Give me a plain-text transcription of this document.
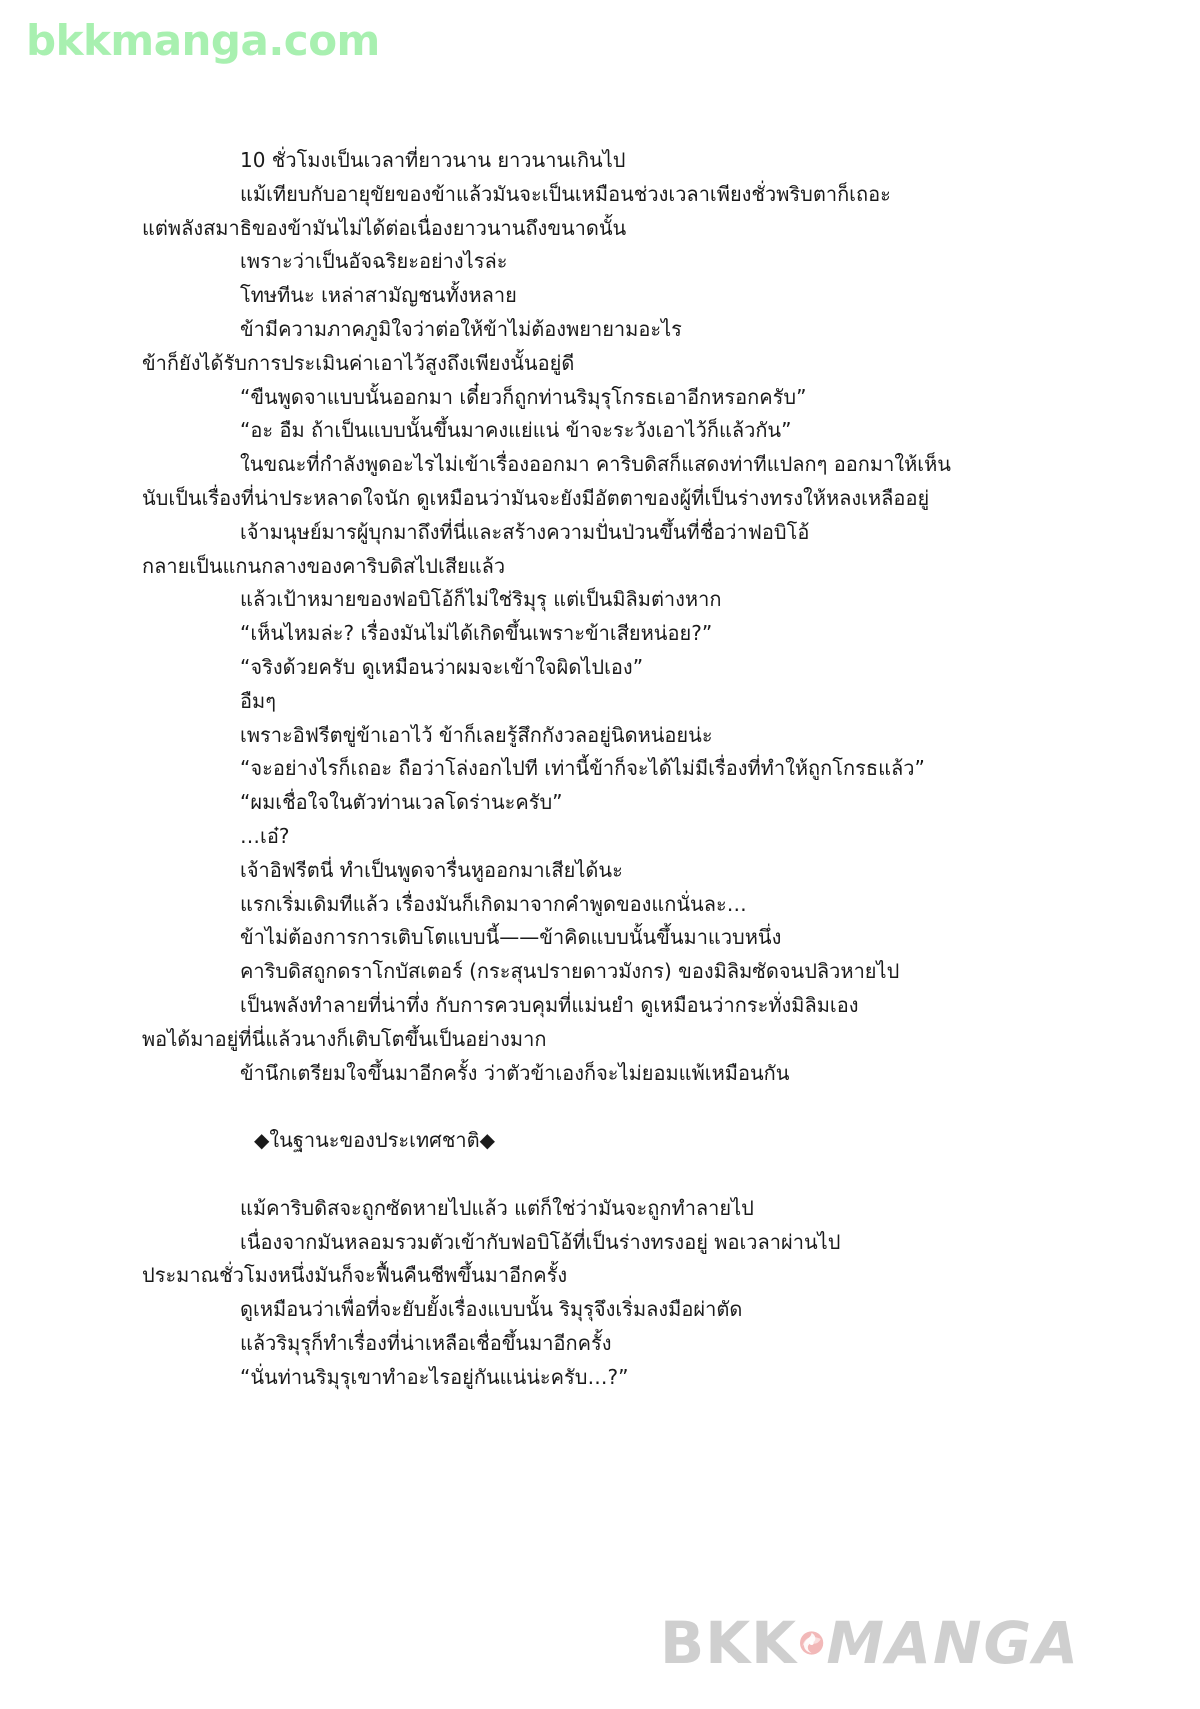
bkkmanga.com
10 ชั่วโมงเป็นเวลาที่ยาวนาน ยาวนานเกินไป
แม้เทียบกับอายุขัยของข้าแล้วมันจะเป็นเหมือนช่วงเวลาเพียงชั่วพริบตาก็เถอะ
แต่พลังสมาธิของข้ามันไม่ได้ต่อเนื่องยาวนานถึงขนาดนั้น
เพราะว่าเป็นอัจฉริยะอย่างไรล่ะ
โทษทีนะ เหล่าสามัญชนทั้งหลาย
ข้ามีความภาคภูมิใจว่าต่อให้ข้าไม่ต้องพยายามอะไร
ข้าก็ยังได้รับการประเมินค่าเอาไว้สูงถึงเพียงนั้นอยู่ดี
“ขืนพูดจาแบบนั้นออกมา เดี๋ยวก็ถูกท่านริมุรุโกรธเอาอีกหรอกครับ”
“อะ อืม ถ้าเป็นแบบนั้นขึ้นมาคงแย่แน่ ข้าจะระวังเอาไว้ก็แล้วกัน”
ในขณะที่กำลังพูดอะไรไม่เข้าเรื่องออกมา คาริบดิสก็แสดงท่าทีแปลกๆ ออกมาให้เห็น
นับเป็นเรื่องที่น่าประหลาดใจนัก ดูเหมือนว่ามันจะยังมีอัตตาของผู้ที่เป็นร่างทรงให้หลงเหลืออยู่
เจ้ามนุษย์มารผู้บุกมาถึงที่นี่และสร้างความปั่นป่วนขึ้นที่ชื่อว่าฟอบิโอ้
กลายเป็นแกนกลางของคาริบดิสไปเสียแล้ว
แล้วเป้าหมายของฟอบิโอ้ก็ไม่ใช่ริมุรุ แต่เป็นมิลิมต่างหาก
“เห็นไหมล่ะ? เรื่องมันไม่ได้เกิดขึ้นเพราะข้าเสียหน่อย?”
“จริงด้วยครับ ดูเหมือนว่าผมจะเข้าใจผิดไปเอง”
อืมๆ
เพราะอิฟรีตขู่ข้าเอาไว้ ข้าก็เลยรู้สึกกังวลอยู่นิดหน่อยน่ะ
“จะอย่างไรก็เถอะ ถือว่าโล่งอกไปที เท่านี้ข้าก็จะได้ไม่มีเรื่องที่ทำให้ถูกโกรธแล้ว”
“ผมเชื่อใจในตัวท่านเวลโดร่านะครับ”
…เอ๋?
เจ้าอิฟรีตนี่ ทำเป็นพูดจารื่นหูออกมาเสียได้นะ
แรกเริ่มเดิมทีแล้ว เรื่องมันก็เกิดมาจากคำพูดของแกนั่นละ…
ข้าไม่ต้องการการเติบโตแบบนี้——ข้าคิดแบบนั้นขึ้นมาแวบหนึ่ง
คาริบดิสถูกดราโกบัสเตอร์ (กระสุนปรายดาวมังกร) ของมิลิมซัดจนปลิวหายไป
เป็นพลังทำลายที่น่าทึ่ง กับการควบคุมที่แม่นยำ ดูเหมือนว่ากระทั่งมิลิมเอง
พอได้มาอยู่ที่นี่แล้วนางก็เติบโตขึ้นเป็นอย่างมาก
ข้านึกเตรียมใจขึ้นมาอีกครั้ง ว่าตัวข้าเองก็จะไม่ยอมแพ้เหมือนกัน
◆ในฐานะของประเทศชาติ◆
แม้คาริบดิสจะถูกซัดหายไปแล้ว แต่ก็ใช่ว่ามันจะถูกทำลายไป
เนื่องจากมันหลอมรวมตัวเข้ากับฟอบิโอ้ที่เป็นร่างทรงอยู่ พอเวลาผ่านไป
ประมาณชั่วโมงหนึ่งมันก็จะฟื้นคืนชีพขึ้นมาอีกครั้ง
ดูเหมือนว่าเพื่อที่จะยับยั้งเรื่องแบบนั้น ริมุรุจึงเริ่มลงมือผ่าตัด
แล้วริมุรุก็ทำเรื่องที่น่าเหลือเชื่อขึ้นมาอีกครั้ง
“นั่นท่านริมุรุเขาทำอะไรอยู่กันแน่น่ะครับ…?”
BKK MANGA
